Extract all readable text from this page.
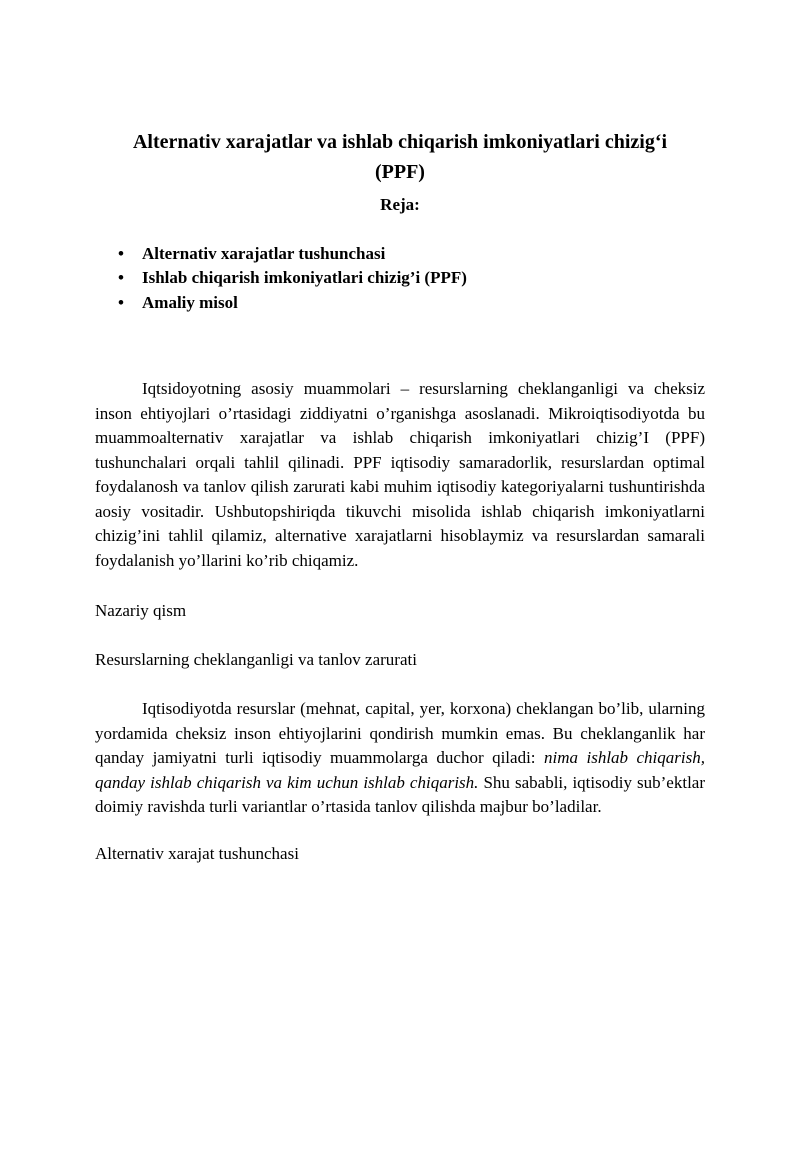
Alternativ xarajatlar va ishlab chiqarish imkoniyatlari chizig‘i
(PPF)

Reja:

• Alternativ xarajatlar tushunchasi
• Ishlab chiqarish imkoniyatlari chizig’i (PPF)
• Amaliy misol

Iqtsidoyotning asosiy muammolari – resurslarning cheklanganligi va cheksiz inson ehtiyojlari o’rtasidagi ziddiyatni o’rganishga asoslanadi. Mikroiqtisodiyotda bu muammoalternativ xarajatlar va ishlab chiqarish imkoniyatlari chizig’I (PPF) tushunchalari orqali tahlil qilinadi. PPF iqtisodiy samaradorlik, resurslardan optimal foydalanosh va tanlov qilish zarurati kabi muhim iqtisodiy kategoriyalarni tushuntirishda aosiy vositadir. Ushbutopshiriqda tikuvchi misolida ishlab chiqarish imkoniyatlarni chizig’ini tahlil qilamiz, alternative xarajatlarni hisoblaymiz va resurslardan samarali foydalanish yo’llarini ko’rib chiqamiz.

Nazariy qism

Resurslarning cheklanganligi va tanlov zarurati

Iqtisodiyotda resurslar (mehnat, capital, yer, korxona) cheklangan bo’lib, ularning yordamida cheksiz inson ehtiyojlarini qondirish mumkin emas. Bu cheklanganlik har qanday jamiyatni turli iqtisodiy muammolarga duchor qiladi: nima ishlab chiqarish, qanday ishlab chiqarish va kim uchun ishlab chiqarish. Shu sababli, iqtisodiy sub’ektlar doimiy ravishda turli variantlar o’rtasida tanlov qilishda majbur bo’ladilar.

Alternativ xarajat tushunchasi
